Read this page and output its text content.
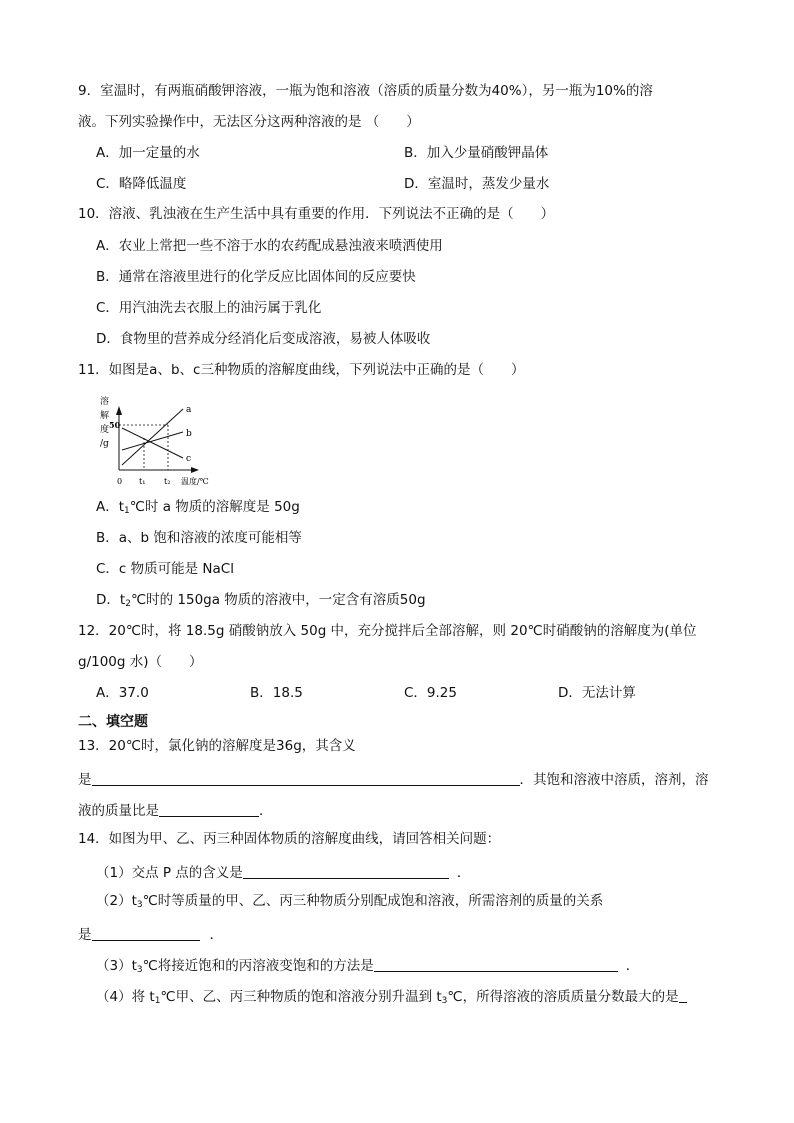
9．室温时，有两瓶硝酸钾溶液，一瓶为饱和溶液（溶质的质量分数为40%），另一瓶为10%的溶
液。下列实验操作中，无法区分这两种溶液的是 （　　）
A．加一定量的水	B．加入少量硝酸钾晶体
C．略降低温度	D．室温时，蒸发少量水
10．溶液、乳浊液在生产生活中具有重要的作用．下列说法不正确的是（　　）
A．农业上常把一些不溶于水的农药配成悬浊液来喷洒使用
B．通常在溶液里进行的化学反应比固体间的反应要快
C．用汽油洗去衣服上的油污属于乳化
D．食物里的营养成分经消化后变成溶液，易被人体吸收
11．如图是a、b、c三种物质的溶解度曲线，下列说法中正确的是（　　）
溶
解
度
/g
50
a
b
c
0 t₁ t₂ 温度/℃
A．$t_1℃$时 a 物质的溶解度是 50g
B．a、b 饱和溶液的浓度可能相等
C．c 物质可能是 NaCl
D．$t_2℃$时的 150ga 物质的溶液中，一定含有溶质50g
12．20℃时，将 18.5g 硝酸钠放入 50g 中，充分搅拌后全部溶解，则 20℃时硝酸钠的溶解度为(单位
g/100g 水)（　　）
A．37.0	B．18.5	C．9.25	D．无法计算
二、填空题
13．20℃时，氯化钠的溶解度是36g，其含义
是	．其饱和溶液中溶质，溶剂，溶
液的质量比是	．
14．如图为甲、乙、丙三种固体物质的溶解度曲线，请回答相关问题：
（1）交点 P 点的含义是	．
$(2)t_3℃$时等质量的甲、乙、丙三种物质分别配成饱和溶液，所需溶剂的质量的关系
是	．
$(3)t_3℃$将接近饱和的丙溶液变饱和的方法是	．
（4）将 $t_1℃$甲、乙、丙三种物质的饱和溶液分别升温到 $t_3℃$，所得溶液的溶质质量分数最大的是
